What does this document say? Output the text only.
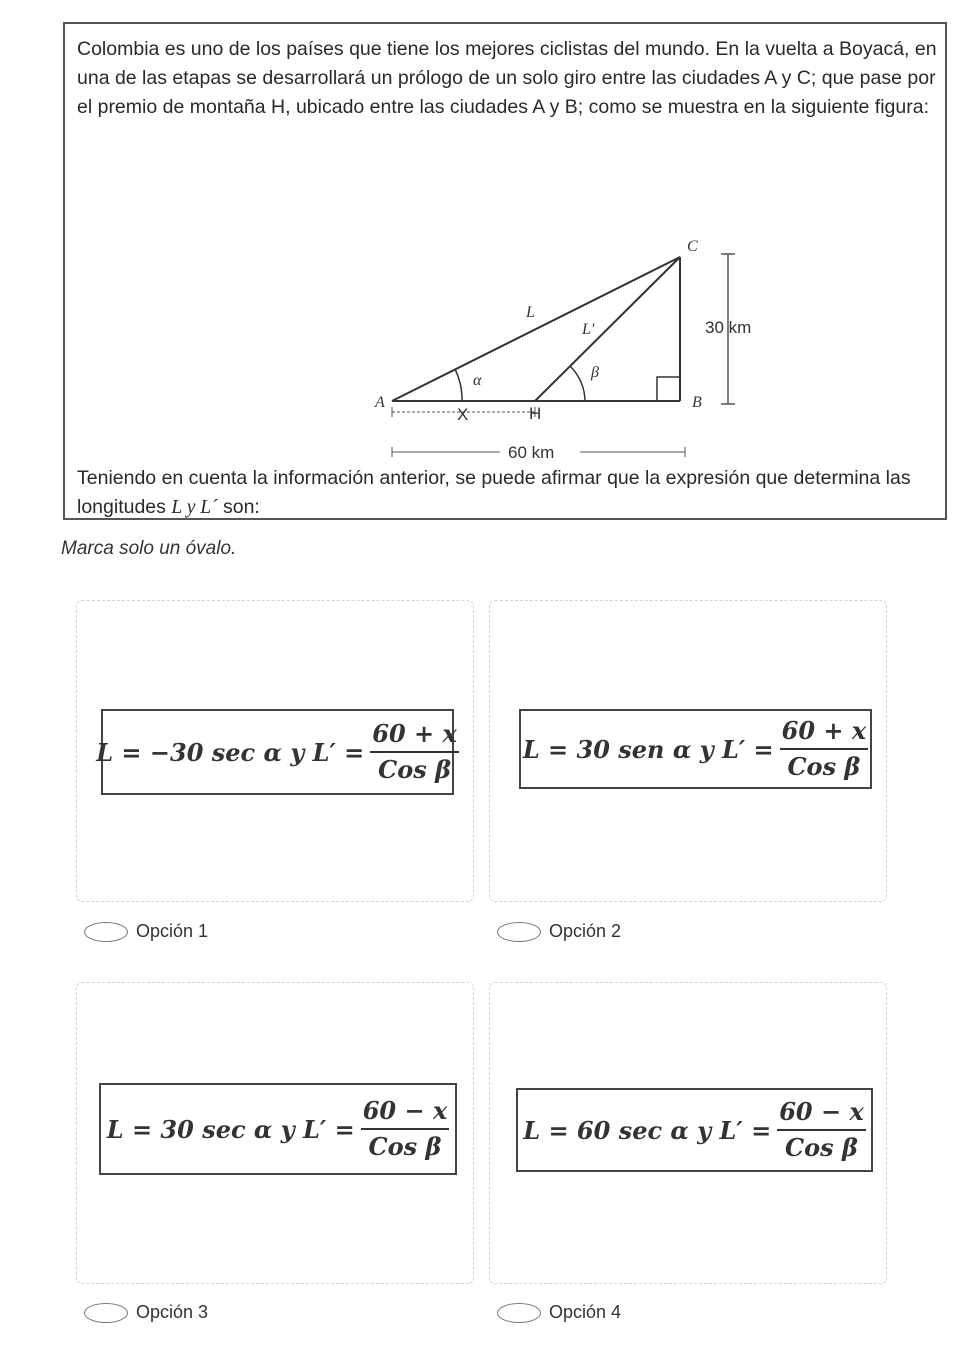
Colombia es uno de los países que tiene los mejores ciclistas del mundo. En la vuelta a Boyacá, en una de las etapas se desarrollará un prólogo de un solo giro entre las ciudades A y C; que pase por el premio de montaña H, ubicado entre las ciudades A y B; como se muestra en la siguiente figura:

A	B
C
L
L'
α	β
H
X
30 km
60 km

Teniendo en cuenta la información anterior, se puede afirmar que la expresión que determina las longitudes L y L´ son:

Marca solo un óvalo.
L = −30 sec α y $L' = \frac{60 + x}{\text{Cos β}}$
Opción 1
L = 30 sen α y $L' = \frac{60 + x}{\text{Cos β}}$
Opción 2
L = 30 sec α y $L' = \frac{60 - x}{\text{Cos β}}$
Opción 3
L = 60 sec α y $L' = \frac{60 - x}{\text{Cos β}}$
Opción 4
